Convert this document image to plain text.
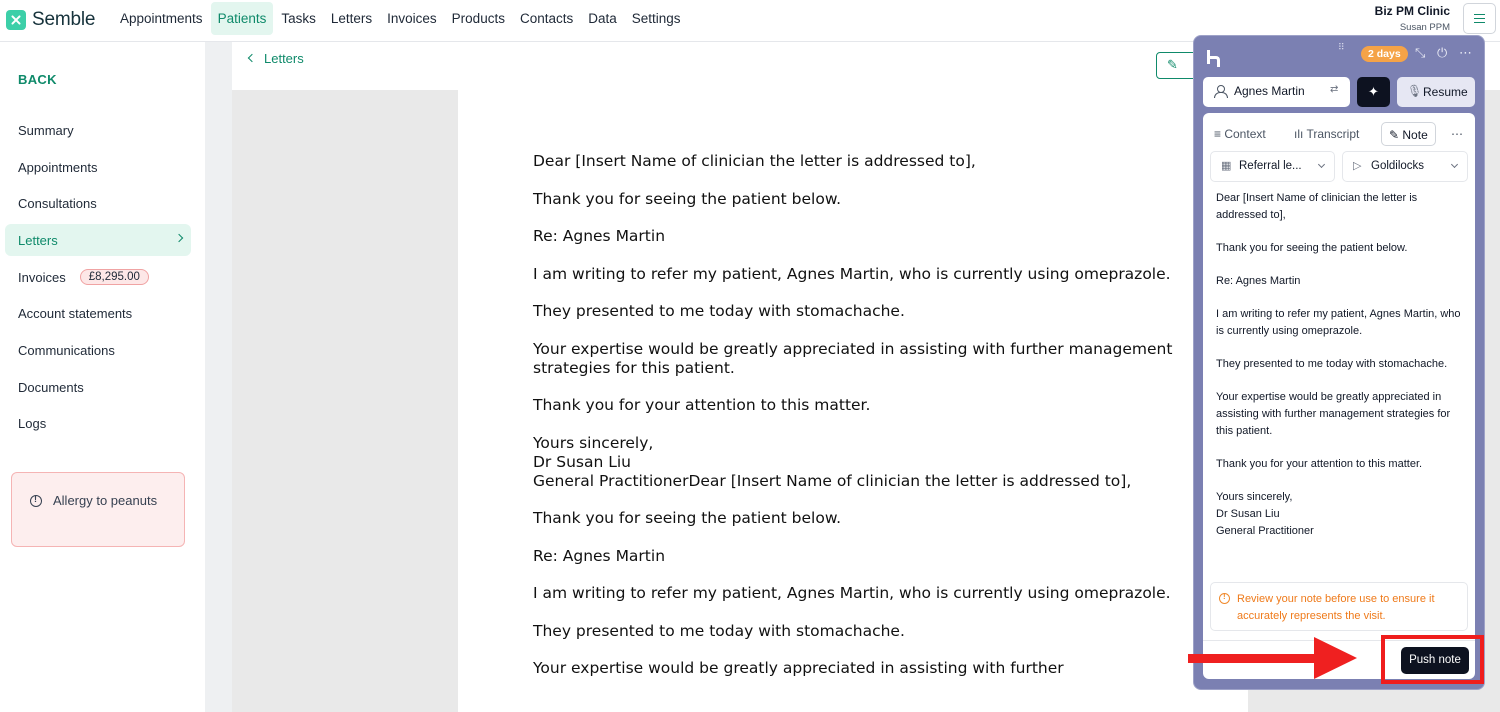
Semble	Appointments	Patients	Tasks	Letters	Invoices	Products	Contacts	Data	Settings	Biz PM Clinic
Susan PPM
BACK
Summary
Appointments
Consultations
Letters
Invoices	£8,295.00
Account statements
Communications
Documents
Logs
!
Allergy to peanuts
Letters	✎

Dear [Insert Name of clinician the letter is addressed to],

Thank you for seeing the patient below.

Re: Agnes Martin

I am writing to refer my patient, Agnes Martin, who is currently using omeprazole.

They presented to me today with stomachache.

Your expertise would be greatly appreciated in assisting with further management strategies for this patient.

Thank you for your attention to this matter.

Yours sincerely,
Dr Susan Liu
General PractitionerDear [Insert Name of clinician the letter is addressed to],

Thank you for seeing the patient below.

Re: Agnes Martin

I am writing to refer my patient, Agnes Martin, who is currently using omeprazole.

They presented to me today with stomachache.

Your expertise would be greatly appreciated in assisting with further

⠿
2 days	⤡ ⏻ ⋯
Agnes Martin	⇄	✦	🎙 Resume
≡ Context ılı Transcript	✎ Note	⋯
▦ Referral le...	▷ Goldilocks

Dear [Insert Name of clinician the letter is addressed to],

Thank you for seeing the patient below.

Re: Agnes Martin

I am writing to refer my patient, Agnes Martin, who is currently using omeprazole.

They presented to me today with stomachache.

Your expertise would be greatly appreciated in assisting with further management strategies for this patient.

Thank you for your attention to this matter.

Yours sincerely,
Dr Susan Liu
General Practitioner

!
Review your note before use to ensure it accurately represents the visit.
Push note
